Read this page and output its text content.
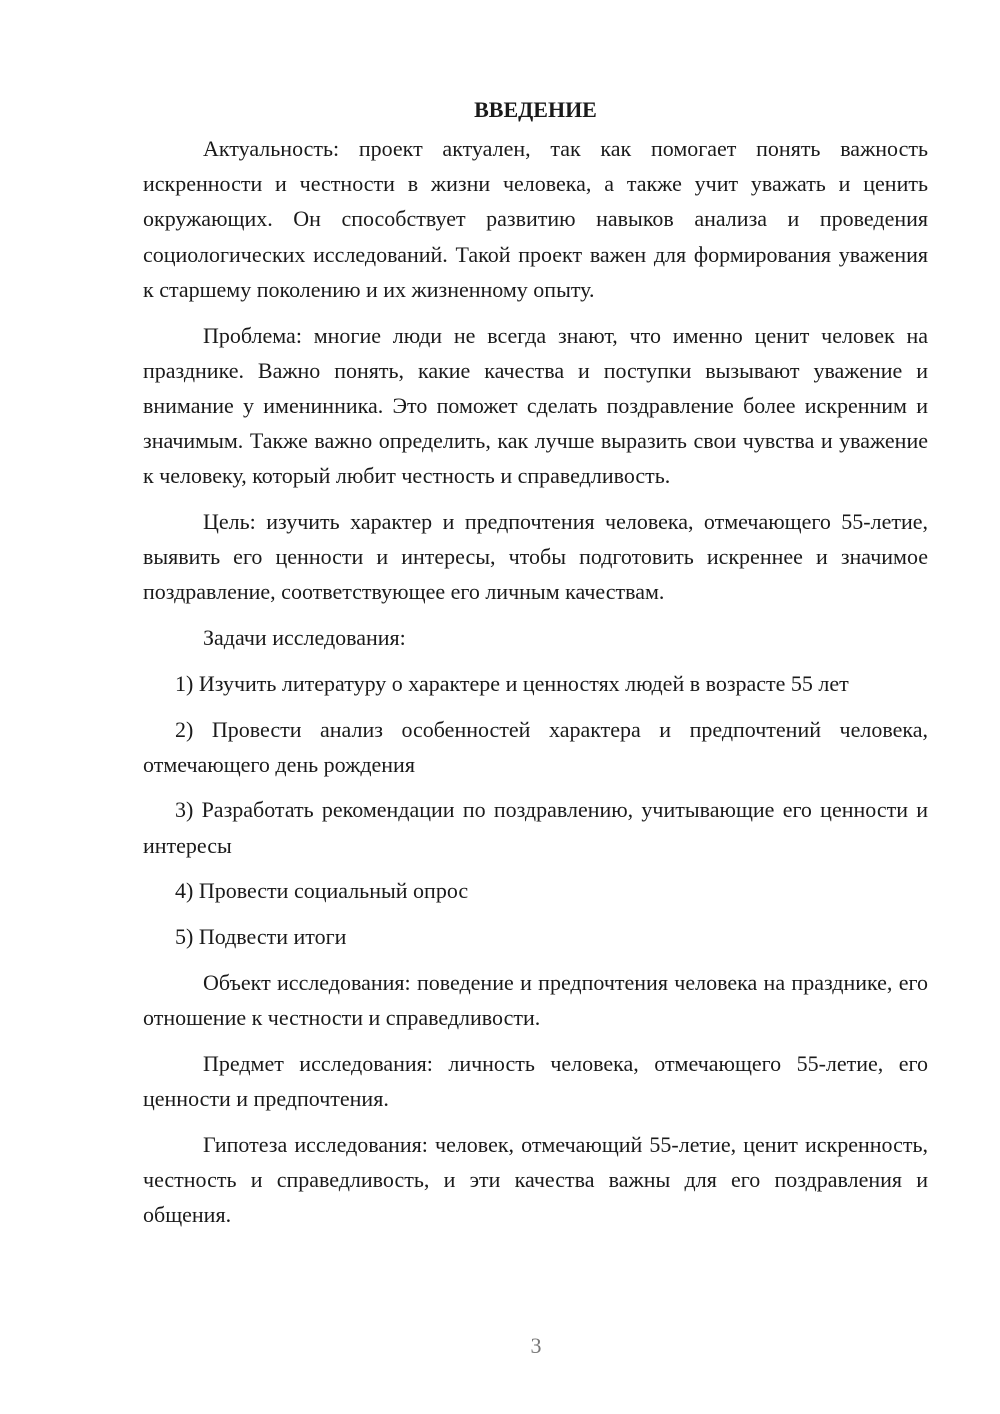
ВВЕДЕНИЕ

Актуальность: проект актуален, так как помогает понять важность искренности и честности в жизни человека, а также учит уважать и ценить окружающих. Он способствует развитию навыков анализа и проведения социологических исследований. Такой проект важен для формирования уважения к старшему поколению и их жизненному опыту.

Проблема: многие люди не всегда знают, что именно ценит человек на празднике. Важно понять, какие качества и поступки вызывают уважение и внимание у именинника. Это поможет сделать поздравление более искренним и значимым. Также важно определить, как лучше выразить свои чувства и уважение к человеку, который любит честность и справедливость.

Цель: изучить характер и предпочтения человека, отмечающего 55-летие, выявить его ценности и интересы, чтобы подготовить искреннее и значимое поздравление, соответствующее его личным качествам.

Задачи исследования:

1) Изучить литературу о характере и ценностях людей в возрасте 55 лет

2) Провести анализ особенностей характера и предпочтений человека, отмечающего день рождения

3) Разработать рекомендации по поздравлению, учитывающие его ценности и интересы

4) Провести социальный опрос

5) Подвести итоги

Объект исследования: поведение и предпочтения человека на празднике, его отношение к честности и справедливости.

Предмет исследования: личность человека, отмечающего 55-летие, его ценности и предпочтения.

Гипотеза исследования: человек, отмечающий 55-летие, ценит искренность, честность и справедливость, и эти качества важны для его поздравления и общения.

3
